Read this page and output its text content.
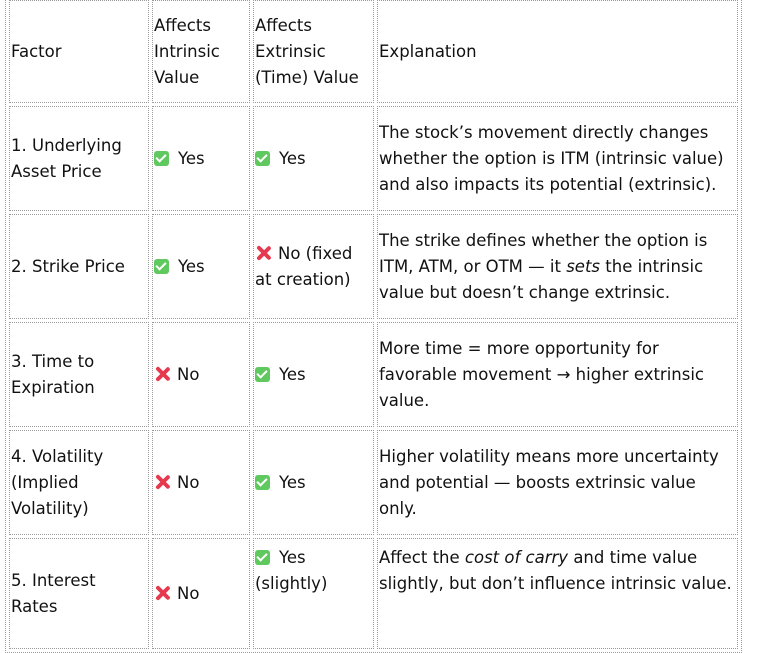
Factor	Affects Intrinsic Value	Affects Extrinsic (Time) Value	Explanation
1. Underlying Asset Price	Yes	Yes	The stock’s movement directly changes whether the option is ITM (intrinsic value) and also impacts its potential (extrinsic).
2. Strike Price	Yes	No (fixed at creation)	The strike defines whether the option is ITM, ATM, or OTM — it sets the intrinsic value but doesn’t change extrinsic.
3. Time to Expiration	No	Yes	More time = more opportunity for favorable movement → higher extrinsic value.
4. Volatility (Implied Volatility)	No	Yes	Higher volatility means more uncertainty and potential — boosts extrinsic value only.
5. Interest Rates	No	Yes (slightly)	Affect the cost of carry and time value slightly, but don’t influence intrinsic value.
